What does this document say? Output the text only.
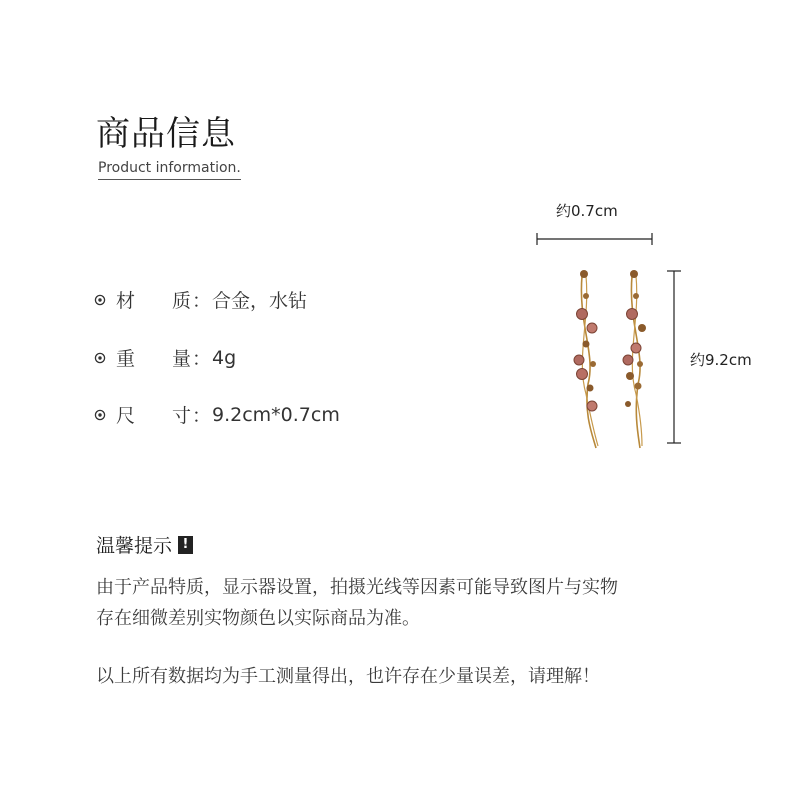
商品信息
Product information.
材	质 ： 合金，水钻
重	量 ： 4g
尺	寸 ： 9.2cm*0.7cm
约0.7cm
约9.2cm
温馨提示 !
由于产品特质，显示器设置，拍摄光线等因素可能导致图片与实物
存在细微差别实物颜色以实际商品为准。
以上所有数据均为手工测量得出，也许存在少量误差，请理解！
